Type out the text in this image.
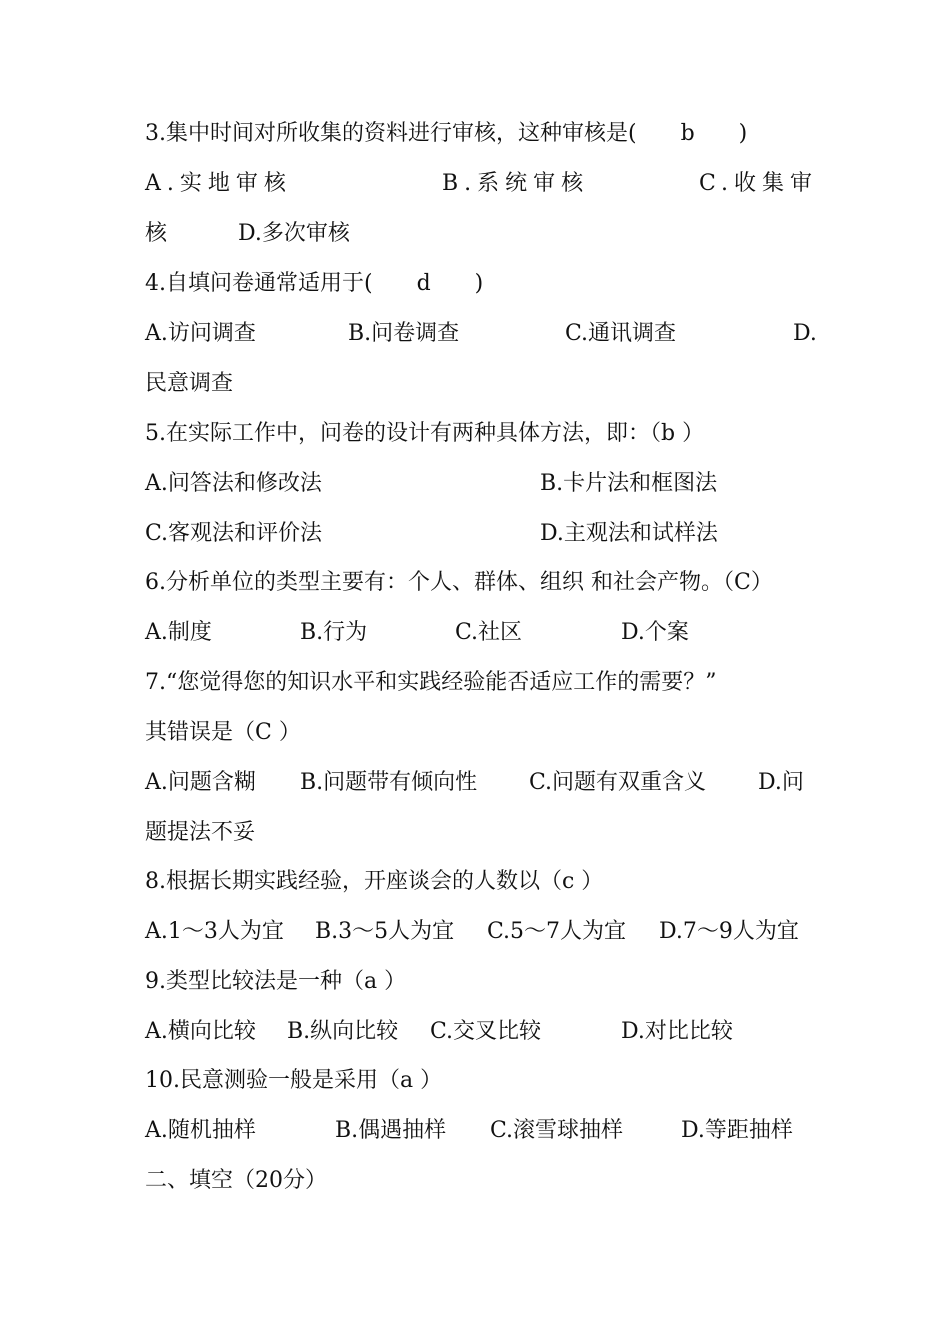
3.集中时间对所收集的资料进行审核，这种审核是(　　b　　)
A.实地审核	B.系统审核	C.收集审
核	D.多次审核
4.自填问卷通常适用于(　　d　　)
A.访问调查	B.问卷调查	C.通讯调查	D.
民意调查
5.在实际工作中，问卷的设计有两种具体方法，即：（b ）
A.问答法和修改法	B.卡片法和框图法
C.客观法和评价法	D.主观法和试样法
6.分析单位的类型主要有：个人、群体、组织 和社会产物。（C）
A.制度	B.行为	C.社区	D.个案
7.“您觉得您的知识水平和实践经验能否适应工作的需要？”
其错误是（C ）
A.问题含糊 B.问题带有倾向性 C.问题有双重含义 D.问
题提法不妥
8.根据长期实践经验，开座谈会的人数以（c ）
A.1～3人为宜 B.3～5人为宜 C.5～7人为宜 D.7～9人为宜
9.类型比较法是一种（a ）
A.横向比较 B.纵向比较 C.交叉比较	D.对比比较
10.民意测验一般是采用（a ）
A.随机抽样	B.偶遇抽样 C.滚雪球抽样	D.等距抽样
二、填空（20分）
